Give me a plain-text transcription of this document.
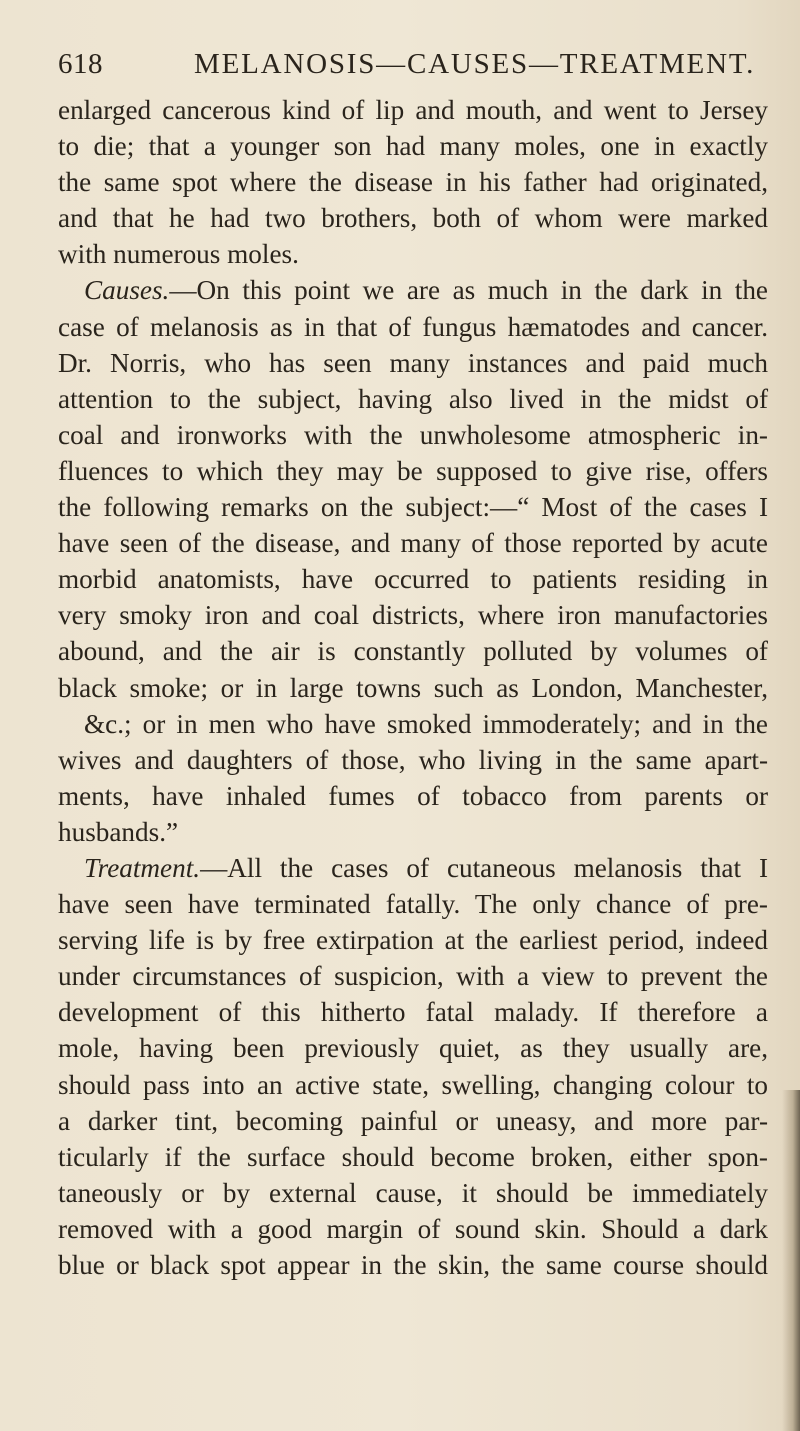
618	MELANOSIS—CAUSES—TREATMENT.
enlarged cancerous kind of lip and mouth, and went to Jersey
to die; that a younger son had many moles, one in exactly
the same spot where the disease in his father had originated,
and that he had two brothers, both of whom were marked
with numerous moles.
Causes.—On this point we are as much in the dark in the
case of melanosis as in that of fungus hæmatodes and cancer.
Dr. Norris, who has seen many instances and paid much
attention to the subject, having also lived in the midst of
coal and ironworks with the unwholesome atmospheric in-
fluences to which they may be supposed to give rise, offers
the following remarks on the subject:—“ Most of the cases I
have seen of the disease, and many of those reported by acute
morbid anatomists, have occurred to patients residing in
very smoky iron and coal districts, where iron manufactories
abound, and the air is constantly polluted by volumes of
black smoke; or in large towns such as London, Manchester,
&c.; or in men who have smoked immoderately; and in the
wives and daughters of those, who living in the same apart-
ments, have inhaled fumes of tobacco from parents or
husbands.”
Treatment.—All the cases of cutaneous melanosis that I
have seen have terminated fatally. The only chance of pre-
serving life is by free extirpation at the earliest period, indeed
under circumstances of suspicion, with a view to prevent the
development of this hitherto fatal malady. If therefore a
mole, having been previously quiet, as they usually are,
should pass into an active state, swelling, changing colour to
a darker tint, becoming painful or uneasy, and more par-
ticularly if the surface should become broken, either spon-
taneously or by external cause, it should be immediately
removed with a good margin of sound skin. Should a dark
blue or black spot appear in the skin, the same course should
